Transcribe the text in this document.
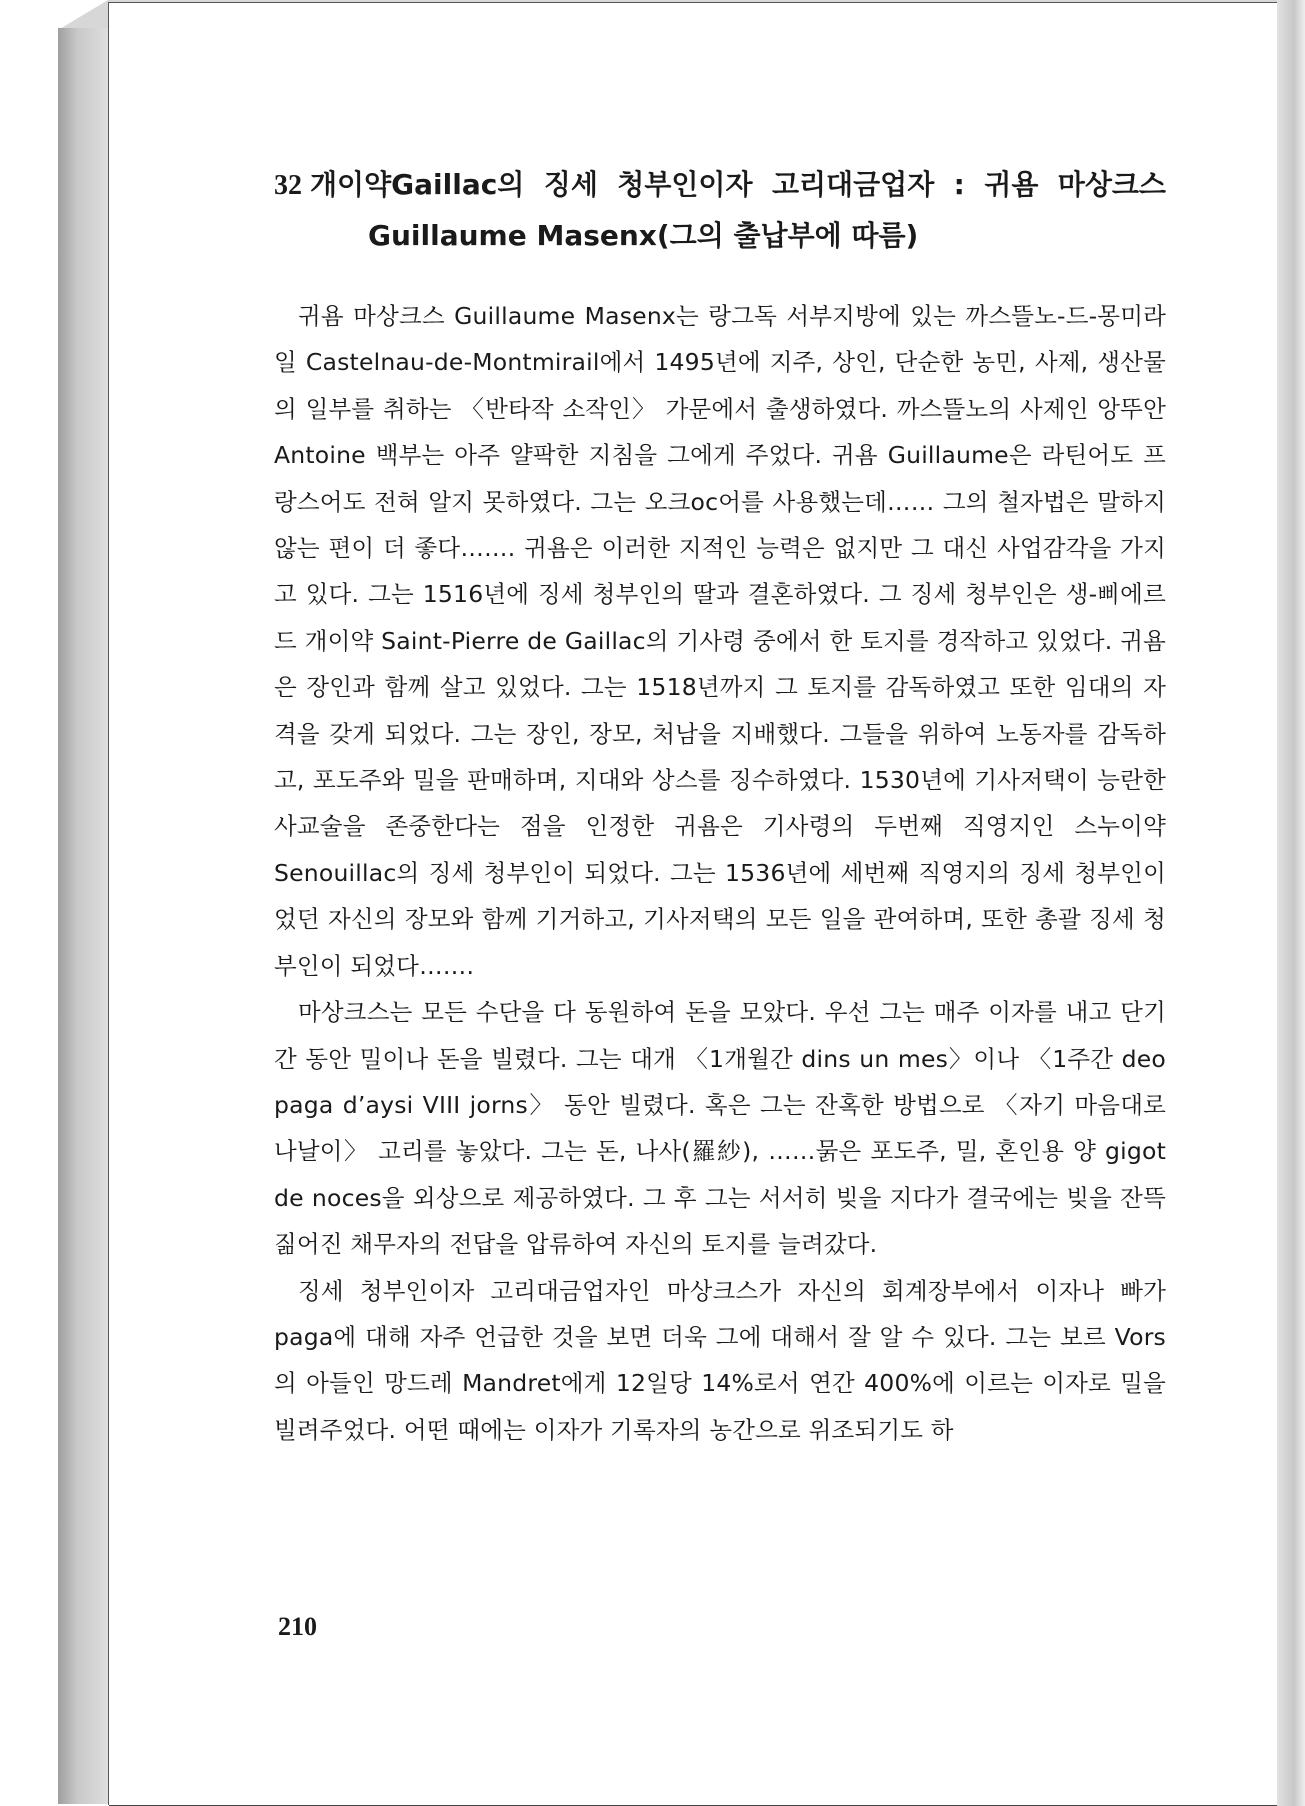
32 개이약Gaillac의 징세 청부인이자 고리대금업자 : 귀욤 마상크스
Guillaume Masenx(그의 출납부에 따름)

귀욤 마상크스 Guillaume Masenx는 랑그독 서부지방에 있는 까스뜰노-드-몽미라일 Castelnau-de-Montmirail에서 1495년에 지주, 상인, 단순한 농민, 사제, 생산물의 일부를 취하는 〈반타작 소작인〉 가문에서 출생하였다. 까스뜰노의 사제인 앙뚜안 Antoine 백부는 아주 얄팍한 지침을 그에게 주었다. 귀욤 Guillaume은 라틴어도 프랑스어도 전혀 알지 못하였다. 그는 오크oc어를 사용했는데…… 그의 철자법은 말하지 않는 편이 더 좋다……. 귀욤은 이러한 지적인 능력은 없지만 그 대신 사업감각을 가지고 있다. 그는 1516년에 징세 청부인의 딸과 결혼하였다. 그 징세 청부인은 생-삐에르 드 개이약 Saint-Pierre de Gaillac의 기사령 중에서 한 토지를 경작하고 있었다. 귀욤은 장인과 함께 살고 있었다. 그는 1518년까지 그 토지를 감독하였고 또한 임대의 자격을 갖게 되었다. 그는 장인, 장모, 처남을 지배했다. 그들을 위하여 노동자를 감독하고, 포도주와 밀을 판매하며, 지대와 상스를 징수하였다. 1530년에 기사저택이 능란한 사교술을 존중한다는 점을 인정한 귀욤은 기사령의 두번째 직영지인 스누이약 Senouillac의 징세 청부인이 되었다. 그는 1536년에 세번째 직영지의 징세 청부인이었던 자신의 장모와 함께 기거하고, 기사저택의 모든 일을 관여하며, 또한 총괄 징세 청부인이 되었다…….

마상크스는 모든 수단을 다 동원하여 돈을 모았다. 우선 그는 매주 이자를 내고 단기간 동안 밀이나 돈을 빌렸다. 그는 대개 〈1개월간 dins un mes〉이나 〈1주간 deo paga d’aysi VIII jorns〉 동안 빌렸다. 혹은 그는 잔혹한 방법으로 〈자기 마음대로 나날이〉 고리를 놓았다. 그는 돈, 나사(羅紗), ……묽은 포도주, 밀, 혼인용 양 gigot de noces을 외상으로 제공하였다. 그 후 그는 서서히 빚을 지다가 결국에는 빚을 잔뜩 짊어진 채무자의 전답을 압류하여 자신의 토지를 늘려갔다.

징세 청부인이자 고리대금업자인 마상크스가 자신의 회계장부에서 이자나 빠가 paga에 대해 자주 언급한 것을 보면 더욱 그에 대해서 잘 알 수 있다. 그는 보르 Vors의 아들인 망드레 Mandret에게 12일당 14%로서 연간 400%에 이르는 이자로 밀을 빌려주었다. 어떤 때에는 이자가 기록자의 농간으로 위조되기도 하

210
